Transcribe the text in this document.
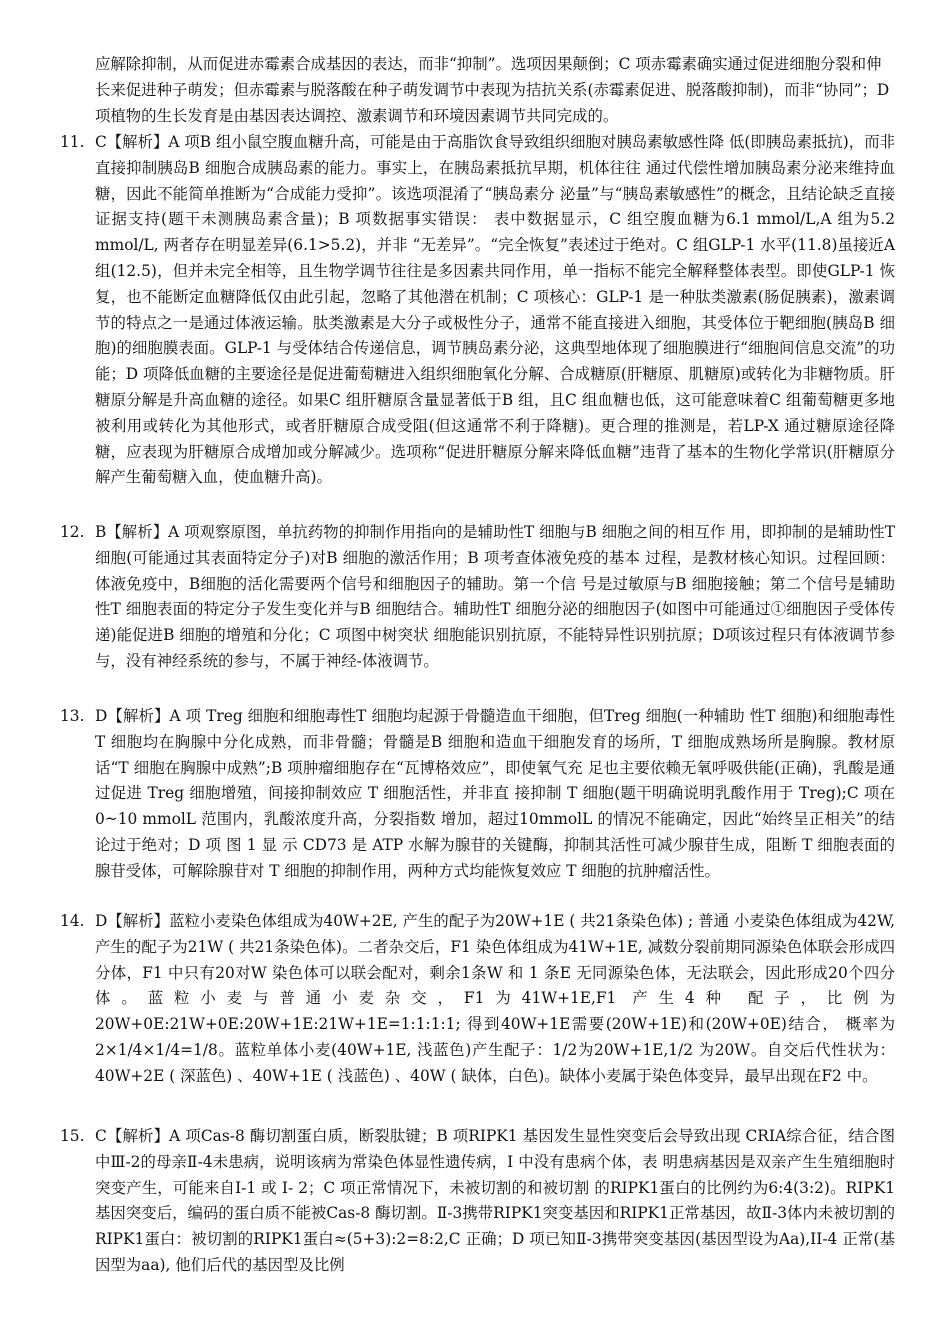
应解除抑制，从而促进赤霉素合成基因的表达，而非“抑制”。选项因果颠倒；C 项赤霉素确实通过促进细胞分裂和伸长来促进种子萌发；但赤霉素与脱落酸在种子萌发调节中表现为拮抗关系(赤霉素促进、脱落酸抑制)，而非“协同”；D 项植物的生长发育是由基因表达调控、激素调节和环境因素调节共同完成的。

11. C【解析】A 项B 组小鼠空腹血糖升高，可能是由于高脂饮食导致组织细胞对胰岛素敏感性降 低(即胰岛素抵抗)，而非直接抑制胰岛B 细胞合成胰岛素的能力。事实上，在胰岛素抵抗早期，机体往往 通过代偿性增加胰岛素分泌来维持血糖，因此不能简单推断为“合成能力受抑”。该选项混淆了“胰岛素分 泌量”与“胰岛素敏感性”的概念，且结论缺乏直接证据支持(题干未测胰岛素含量)；B 项数据事实错误： 表中数据显示，C 组空腹血糖为6.1 mmol/L,A 组为5.2 mmol/L, 两者存在明显差异(6.1>5.2)，并非 “无差异”。“完全恢复”表述过于绝对。C 组GLP-1 水平(11.8)虽接近A 组(12.5)，但并未完全相等，且生物学调节往往是多因素共同作用，单一指标不能完全解释整体表型。即使GLP-1 恢复，也不能断定血糖降低仅由此引起，忽略了其他潜在机制；C 项核心：GLP-1 是一种肽类激素(肠促胰素)，激素调节的特点之一是通过体液运输。肽类激素是大分子或极性分子，通常不能直接进入细胞，其受体位于靶细胞(胰岛B 细胞)的细胞膜表面。GLP-1 与受体结合传递信息，调节胰岛素分泌，这典型地体现了细胞膜进行“细胞间信息交流”的功能；D 项降低血糖的主要途径是促进葡萄糖进入组织细胞氧化分解、合成糖原(肝糖原、肌糖原)或转化为非糖物质。肝糖原分解是升高血糖的途径。如果C 组肝糖原含量显著低于B 组，且C 组血糖也低，这可能意味着C 组葡萄糖更多地被利用或转化为其他形式，或者肝糖原合成受阻(但这通常不利于降糖)。更合理的推测是，若LP-X 通过糖原途径降糖，应表现为肝糖原合成增加或分解减少。选项称“促进肝糖原分解来降低血糖”违背了基本的生物化学常识(肝糖原分解产生葡萄糖入血，使血糖升高)。

12. B【解析】A 项观察原图，单抗药物的抑制作用指向的是辅助性T 细胞与B 细胞之间的相互作 用，即抑制的是辅助性T 细胞(可能通过其表面特定分子)对B 细胞的激活作用；B 项考查体液免疫的基本 过程，是教材核心知识。过程回顾：体液免疫中，B细胞的活化需要两个信号和细胞因子的辅助。第一个信 号是过敏原与B 细胞接触；第二个信号是辅助性T 细胞表面的特定分子发生变化并与B 细胞结合。辅助性T 细胞分泌的细胞因子(如图中可能通过①细胞因子受体传递)能促进B 细胞的增殖和分化；C 项图中树突状 细胞能识别抗原，不能特异性识别抗原；D项该过程只有体液调节参与，没有神经系统的参与，不属于神经-体液调节。

13. D【解析】A 项 Treg 细胞和细胞毒性T 细胞均起源于骨髓造血干细胞，但Treg 细胞(一种辅助 性T 细胞)和细胞毒性T 细胞均在胸腺中分化成熟，而非骨髓；骨髓是B 细胞和造血干细胞发育的场所，T 细胞成熟场所是胸腺。教材原话“T 细胞在胸腺中成熟”;B 项肿瘤细胞存在“瓦博格效应”，即使氧气充 足也主要依赖无氧呼吸供能(正确)，乳酸是通过促进 Treg 细胞增殖，间接抑制效应 T 细胞活性，并非直 接抑制 T 细胞(题干明确说明乳酸作用于 Treg);C 项在0~10 mmolL 范围内，乳酸浓度升高，分裂指数 增加，超过10mmolL 的情况不能确定，因此“始终呈正相关”的结论过于绝对；D 项 图 1 显 示 CD73 是 ATP 水解为腺苷的关键酶，抑制其活性可减少腺苷生成，阻断 T 细胞表面的腺苷受体，可解除腺苷对 T 细胞的抑制作用，两种方式均能恢复效应 T 细胞的抗肿瘤活性。

14. D【解析】蓝粒小麦染色体组成为40W+2E, 产生的配子为20W+1E ( 共21条染色体) ; 普通 小麦染色体组成为42W, 产生的配子为21W ( 共21条染色体)。二者杂交后，F1 染色体组成为41W+1E, 减数分裂前期同源染色体联会形成四分体，F1 中只有20对W 染色体可以联会配对，剩余1条W 和 1 条E 无同源染色体，无法联会，因此形成20个四分体。蓝粒小麦与普通小麦杂交，F1为41W+1E,F1 产生4种 配子，比例为20W+0E:21W+0E:20W+1E:21W+1E=1:1:1:1; 得到40W+1E需要(20W+1E)和(20W+0E)结合， 概率为2×1/4×1/4=1/8。蓝粒单体小麦(40W+1E, 浅蓝色)产生配子：1/2为20W+1E,1/2 为20W。自交后代性状为：40W+2E ( 深蓝色) 、40W+1E ( 浅蓝色) 、40W ( 缺体，白色)。缺体小麦属于染色体变异，最早出现在F2 中。

15. C【解析】A 项Cas-8 酶切割蛋白质，断裂肽键；B 项RIPK1 基因发生显性突变后会导致出现 CRIA综合征，结合图中Ⅲ-2的母亲Ⅱ-4未患病，说明该病为常染色体显性遗传病，I 中没有患病个体，表 明患病基因是双亲产生生殖细胞时突变产生，可能来自I-1 或 I- 2；C 项正常情况下，未被切割的和被切割 的RIPK1蛋白的比例约为6:4(3:2)。RIPK1 基因突变后，编码的蛋白质不能被Cas-8 酶切割。Ⅱ-3携带RIPK1突变基因和RIPK1正常基因，故Ⅱ-3体内未被切割的RIPK1蛋白：被切割的RIPK1蛋白≈(5+3):2=8:2,C 正确；D 项已知Ⅱ-3携带突变基因(基因型设为Aa),II-4 正常(基因型为aa), 他们后代的基因型及比例
